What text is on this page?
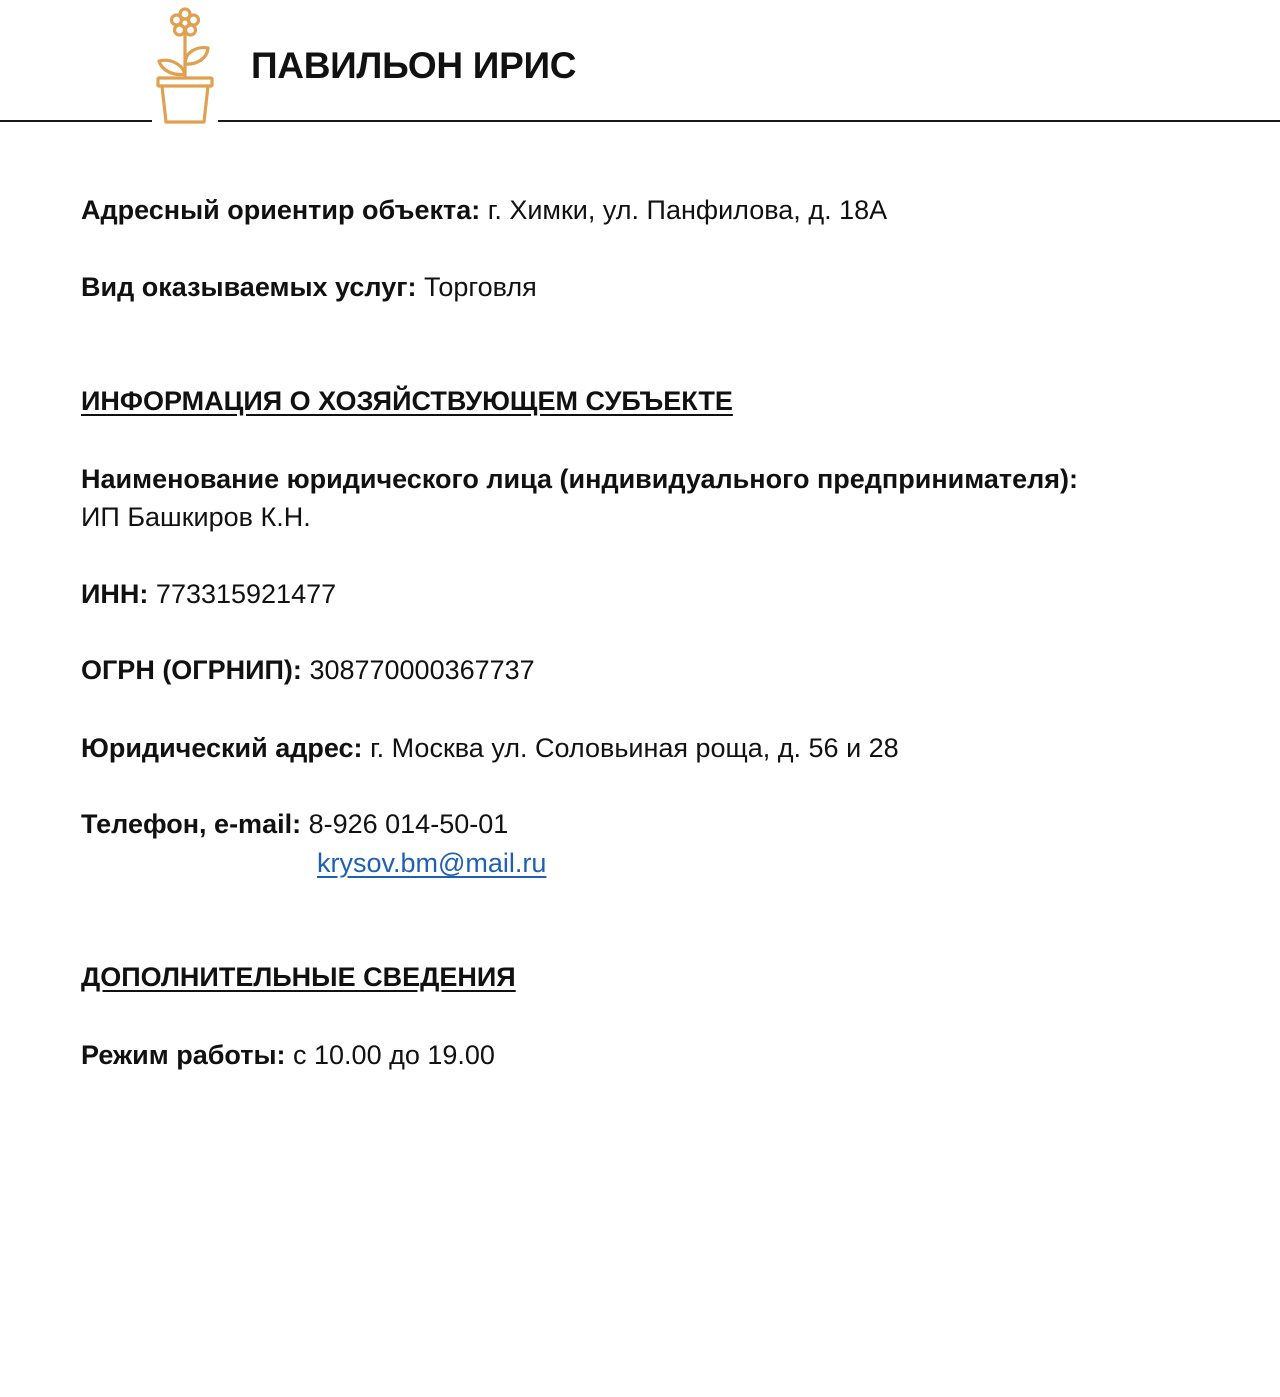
ПАВИЛЬОН ИРИС

Адресный ориентир объекта: г. Химки, ул. Панфилова, д. 18А

Вид оказываемых услуг: Торговля

ИНФОРМАЦИЯ О ХОЗЯЙСТВУЮЩЕМ СУБЪЕКТЕ

Наименование юридического лица (индивидуального предпринимателя):

ИП Башкиров К.Н.

ИНН: 773315921477

ОГРН (ОГРНИП): 308770000367737

Юридический адрес: г. Москва ул. Соловьиная роща, д. 56 и 28

Телефон, e-mail: 8-926 014-50-01

krysov.bm@mail.ru
ДОПОЛНИТЕЛЬНЫЕ СВЕДЕНИЯ

Режим работы: с 10.00 до 19.00
